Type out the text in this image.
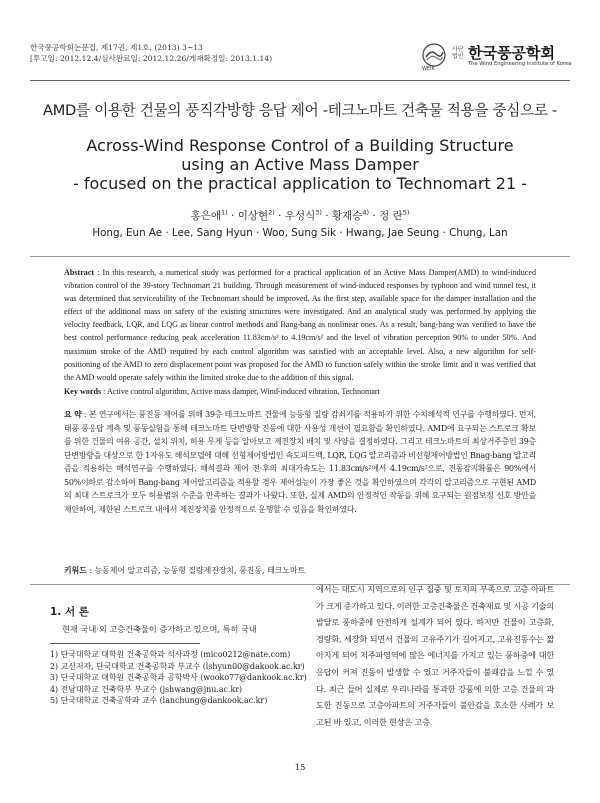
한국풍공학회논문집, 제17권, 제1호, (2013) 3~13
[투고일: 2012.12.4/심사완료일: 2012.12.26/게재확정일: 2013.1.14)
WEIK
사단
법인 한국풍공학회
The Wind Engineering Institute of Korea
AMD를 이용한 건물의 풍직각방향 응답 제어 -테크노마트 건축물 적용을 중심으로 -
Across-Wind Response Control of a Building Structure
using an Active Mass Damper
- focused on the practical application to Technomart 21 -
홍은애$^{1)}$ · 이상현$^{2)}$ · 우성식$^{3)}$ · 황재승$^{4)}$ · 정 란$^{5)}$
Hong, Eun Ae · Lee, Sang Hyun · Woo, Sung Sik · Hwang, Jae Seung · Chung, Lan
Abstract : In this research, a numerical study was performed for a practical application of an Active Mass Damper(AMD) to wind-induced vibration control of the 39-story Technomart 21 building. Through measurement of wind-induced responses by typhoon and wind tunnel test, it was determined that serviceability of the Technomart should be improved. As the first step, available space for the damper installation and the effect of the additional mass on safety of the existing structures were investigated. And an analytical study was performed by applying the velocity feedback, LQR, and LQG as linear control methods and Bang-bang as nonlinear ones. As a result, bang-bang was verified to have the best control performance reducing peak acceleration 11.83cm/s² to 4.19cm/s² and the level of vibration perception 90% to under 50%. And maximum stroke of the AMD required by each control algorithm was satisfied with an acceptable level. Also, a new algorithm for self-positioning of the AMD to zero displacement point was proposed for the AMD to function safely within the stroke limit and it was verified that the AMD would operate safely within the limited stroke due to the addition of this signal.
Key words : Active control algorithm, Active mass damper, Wind-induced vibration, Technomart
요 약 : 본 연구에서는 풍진동 제어를 위해 39층 테크노마트 건물에 능동형 질량 감쇠기를 적용하기 위한 수치해석적 연구를 수행하였다. 먼저, 태풍 풍응답 계측 및 풍동실험을 통해 테크노마트 단변방향 진동에 대한 사용성 개선이 필요함을 확인하였다. AMD에 요구되는 스트로크 확보를 위한 건물의 여유 공간, 설치 위치, 허용 무게 등을 알아보고 제진장치 배치 및 사양을 결정하였다. 그리고 테크노마트의 최상거주층인 39층 단변방향을 대상으로 한 1자유도 해석모델에 대해 선형제어방법인 속도피드백, LQR, LQG 알고리즘과 비선형제어방법인 Bnag-bang 알고리즘을 적용하는 해석연구를 수행하였다. 해석결과 제어 전·후의 최대가속도는 11.83cm/s²에서 4.19cm/s²으로, 진동감지확률은 90%에서 50%이하로 감소하여 Bang-bang 제어알고리즘을 적용할 경우 제어성능이 가장 좋은 것을 확인하였으며 각각의 알고리즘으로 구현된 AMD의 최대 스트로크가 모두 허용범위 수준을 만족하는 결과가 나왔다. 또한, 실제 AMD의 안정적인 작동을 위해 요구되는 원점보정 신호 방안을 제안하여, 제한된 스트로크 내에서 제진장치를 안정적으로 운행할 수 있음을 확인하였다.
키워드 : 능동제어 알고리즘, 능동형 질량제진장치, 풍진동, 테크노마트
1. 서 론
현재 국내·외 고층건축물이 증가하고 있으며, 특히 국내

1) 단국대학교 대학원 건축공학과 석사과정 (mico0212@nate.com)

2) 교신저자, 단국대학교 건축공학과 부교수 (lshyun00@dakook.ac.kr)

3) 단국대학교 대학원 건축공학과 공학박사 (wooko77@dankook.ac.kr)

4) 전남대학교 건축학부 부교수 (jshwang@jnu.ac.kr)

5) 단국대학교 건축공학과 교수 (lanchung@dankook.ac.kr)

에서는 대도시 지역으로의 인구 집중 및 토지의 부족으로 고층 아파트가 크게 증가하고 있다. 이러한 고층건축물은 건축재료 및 시공 기술의 발달로 풍하중에 안전하게 설계가 되어 있다. 하지만 건물이 고층화, 경량화, 세장화 되면서 건물의 고유주기가 길어지고, 고유진동수는 짧아지게 되어 저주파영역에 많은 에너지를 가지고 있는 풍하중에 대한 응답이 커져 진동이 발생할 수 있고 거주자들이 불쾌감을 느낄 수 있다. 최근 들어 실제로 우리나라를 통과한 강풍에 의한 고층 건물의 과도한 진동으로 고층아파트의 거주자들이 불안감을 호소한 사례가 보고된 바 있고, 이러한 현상은 고층
15
